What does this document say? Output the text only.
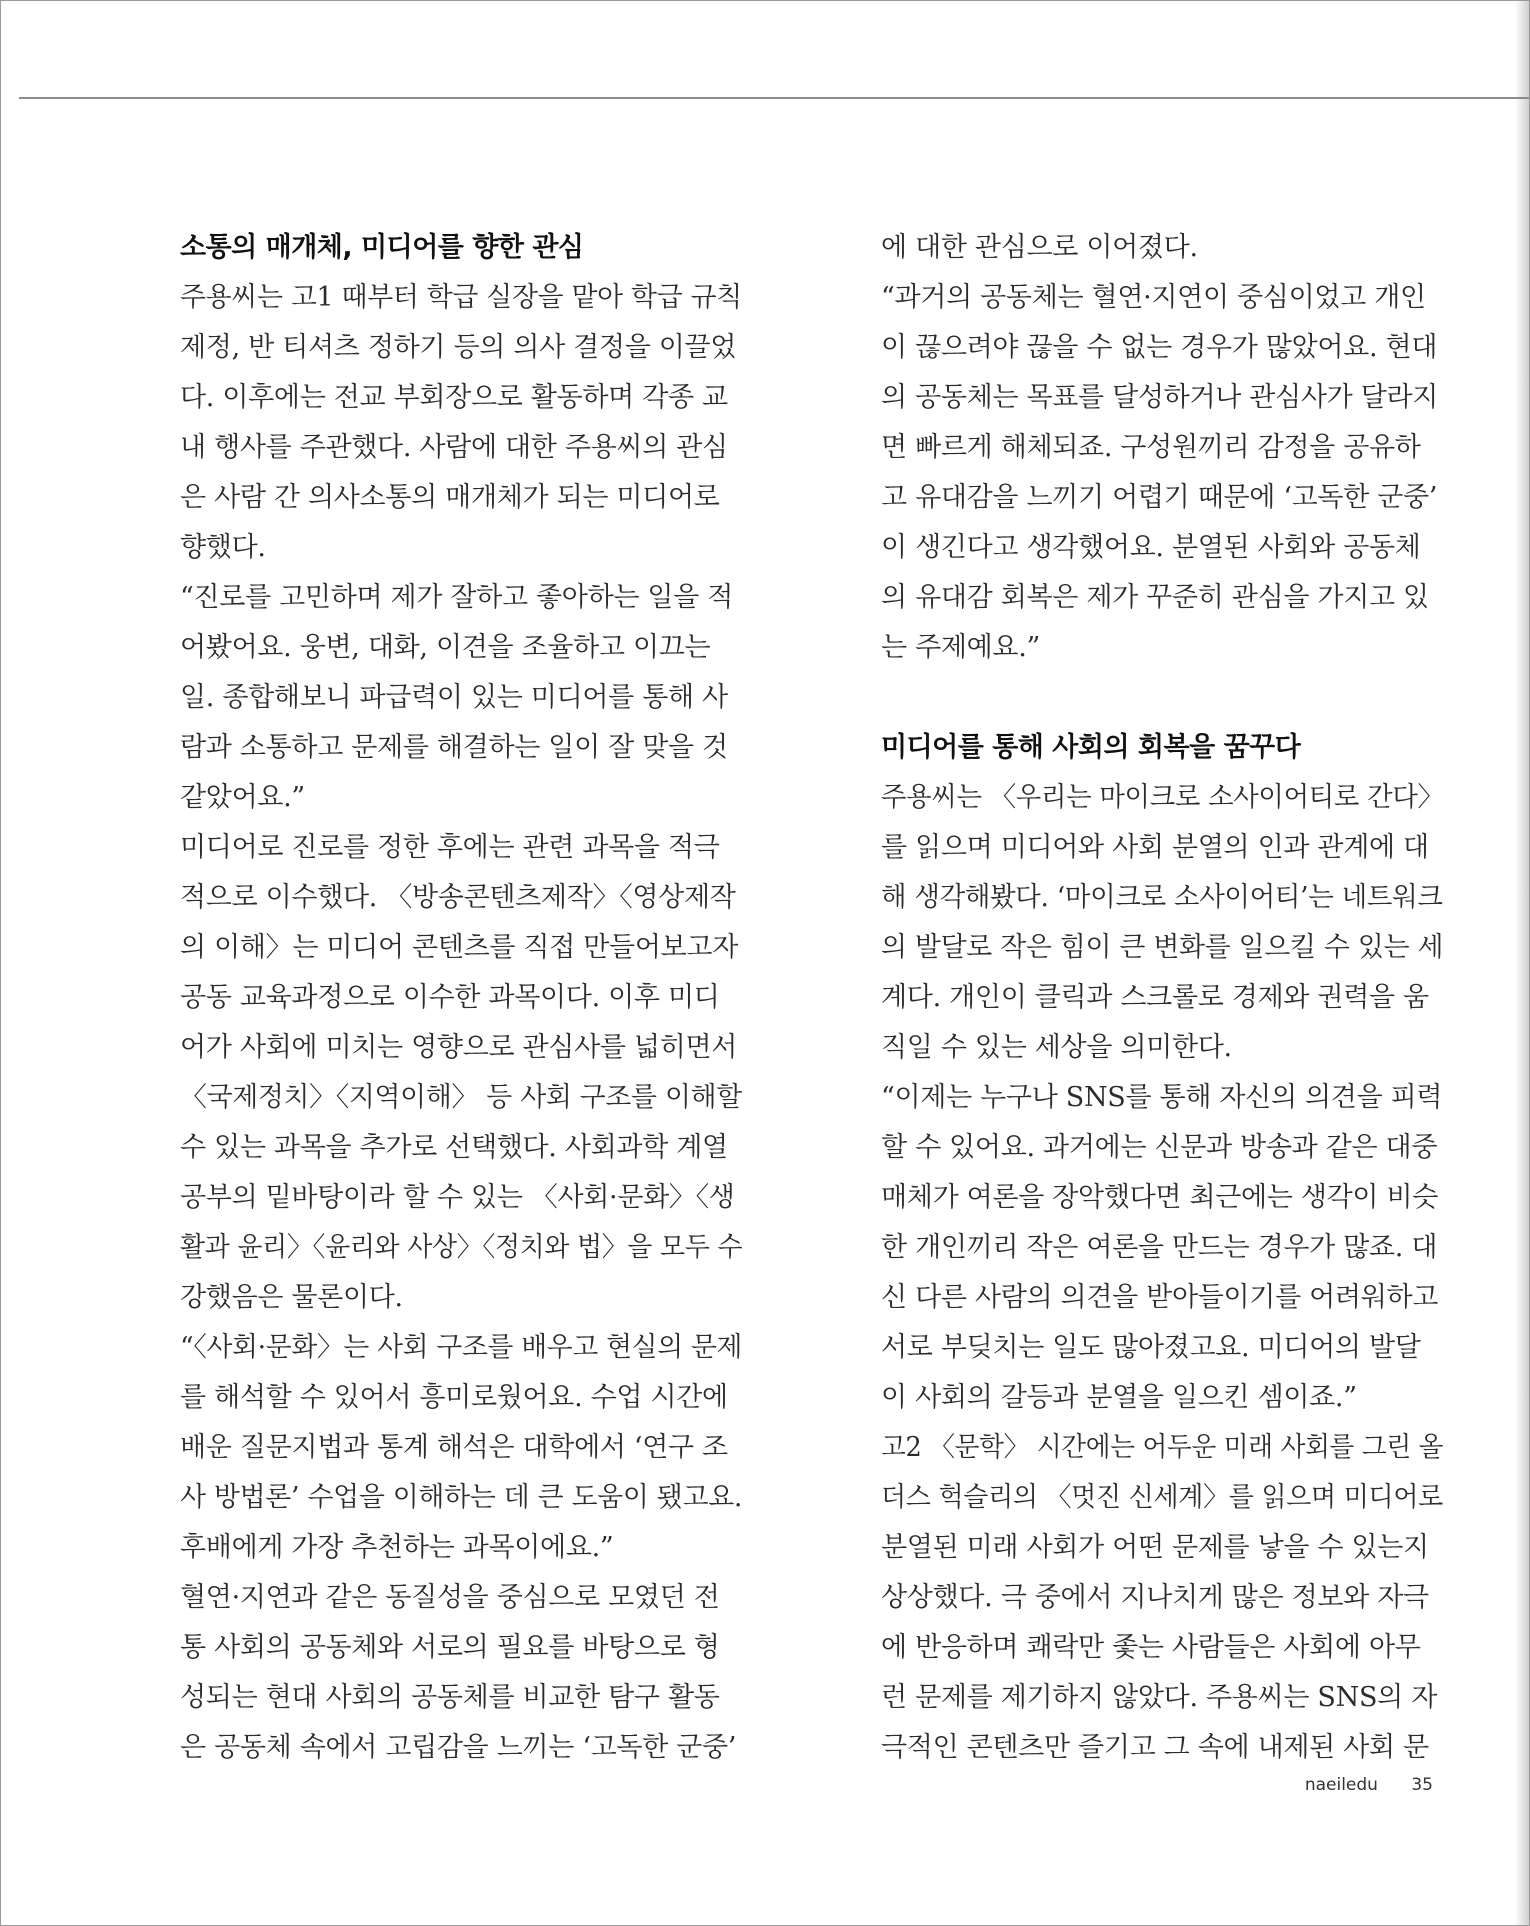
소통의 매개체, 미디어를 향한 관심
주용씨는 고1 때부터 학급 실장을 맡아 학급 규칙
제정, 반 티셔츠 정하기 등의 의사 결정을 이끌었
다. 이후에는 전교 부회장으로 활동하며 각종 교
내 행사를 주관했다. 사람에 대한 주용씨의 관심
은 사람 간 의사소통의 매개체가 되는 미디어로
향했다.
“진로를 고민하며 제가 잘하고 좋아하는 일을 적
어봤어요. 웅변, 대화, 이견을 조율하고 이끄는
일. 종합해보니 파급력이 있는 미디어를 통해 사
람과 소통하고 문제를 해결하는 일이 잘 맞을 것
같았어요.”
미디어로 진로를 정한 후에는 관련 과목을 적극
적으로 이수했다. 〈방송콘텐츠제작〉〈영상제작
의 이해〉는 미디어 콘텐츠를 직접 만들어보고자
공동 교육과정으로 이수한 과목이다. 이후 미디
어가 사회에 미치는 영향으로 관심사를 넓히면서
〈국제정치〉〈지역이해〉 등 사회 구조를 이해할
수 있는 과목을 추가로 선택했다. 사회과학 계열
공부의 밑바탕이라 할 수 있는 〈사회·문화〉〈생
활과 윤리〉〈윤리와 사상〉〈정치와 법〉을 모두 수
강했음은 물론이다.
“〈사회·문화〉는 사회 구조를 배우고 현실의 문제
를 해석할 수 있어서 흥미로웠어요. 수업 시간에
배운 질문지법과 통계 해석은 대학에서 ‘연구 조
사 방법론’ 수업을 이해하는 데 큰 도움이 됐고요.
후배에게 가장 추천하는 과목이에요.”
혈연·지연과 같은 동질성을 중심으로 모였던 전
통 사회의 공동체와 서로의 필요를 바탕으로 형
성되는 현대 사회의 공동체를 비교한 탐구 활동
은 공동체 속에서 고립감을 느끼는 ‘고독한 군중’
에 대한 관심으로 이어졌다.
“과거의 공동체는 혈연·지연이 중심이었고 개인
이 끊으려야 끊을 수 없는 경우가 많았어요. 현대
의 공동체는 목표를 달성하거나 관심사가 달라지
면 빠르게 해체되죠. 구성원끼리 감정을 공유하
고 유대감을 느끼기 어렵기 때문에 ‘고독한 군중’
이 생긴다고 생각했어요. 분열된 사회와 공동체
의 유대감 회복은 제가 꾸준히 관심을 가지고 있
는 주제예요.”
미디어를 통해 사회의 회복을 꿈꾸다
주용씨는 〈우리는 마이크로 소사이어티로 간다〉
를 읽으며 미디어와 사회 분열의 인과 관계에 대
해 생각해봤다. ‘마이크로 소사이어티’는 네트워크
의 발달로 작은 힘이 큰 변화를 일으킬 수 있는 세
계다. 개인이 클릭과 스크롤로 경제와 권력을 움
직일 수 있는 세상을 의미한다.
“이제는 누구나 SNS를 통해 자신의 의견을 피력
할 수 있어요. 과거에는 신문과 방송과 같은 대중
매체가 여론을 장악했다면 최근에는 생각이 비슷
한 개인끼리 작은 여론을 만드는 경우가 많죠. 대
신 다른 사람의 의견을 받아들이기를 어려워하고
서로 부딪치는 일도 많아졌고요. 미디어의 발달
이 사회의 갈등과 분열을 일으킨 셈이죠.”
고2 〈문학〉 시간에는 어두운 미래 사회를 그린 올
더스 헉슬리의 〈멋진 신세계〉를 읽으며 미디어로
분열된 미래 사회가 어떤 문제를 낳을 수 있는지
상상했다. 극 중에서 지나치게 많은 정보와 자극
에 반응하며 쾌락만 좇는 사람들은 사회에 아무
런 문제를 제기하지 않았다. 주용씨는 SNS의 자
극적인 콘텐츠만 즐기고 그 속에 내제된 사회 문
naeiledu 35
